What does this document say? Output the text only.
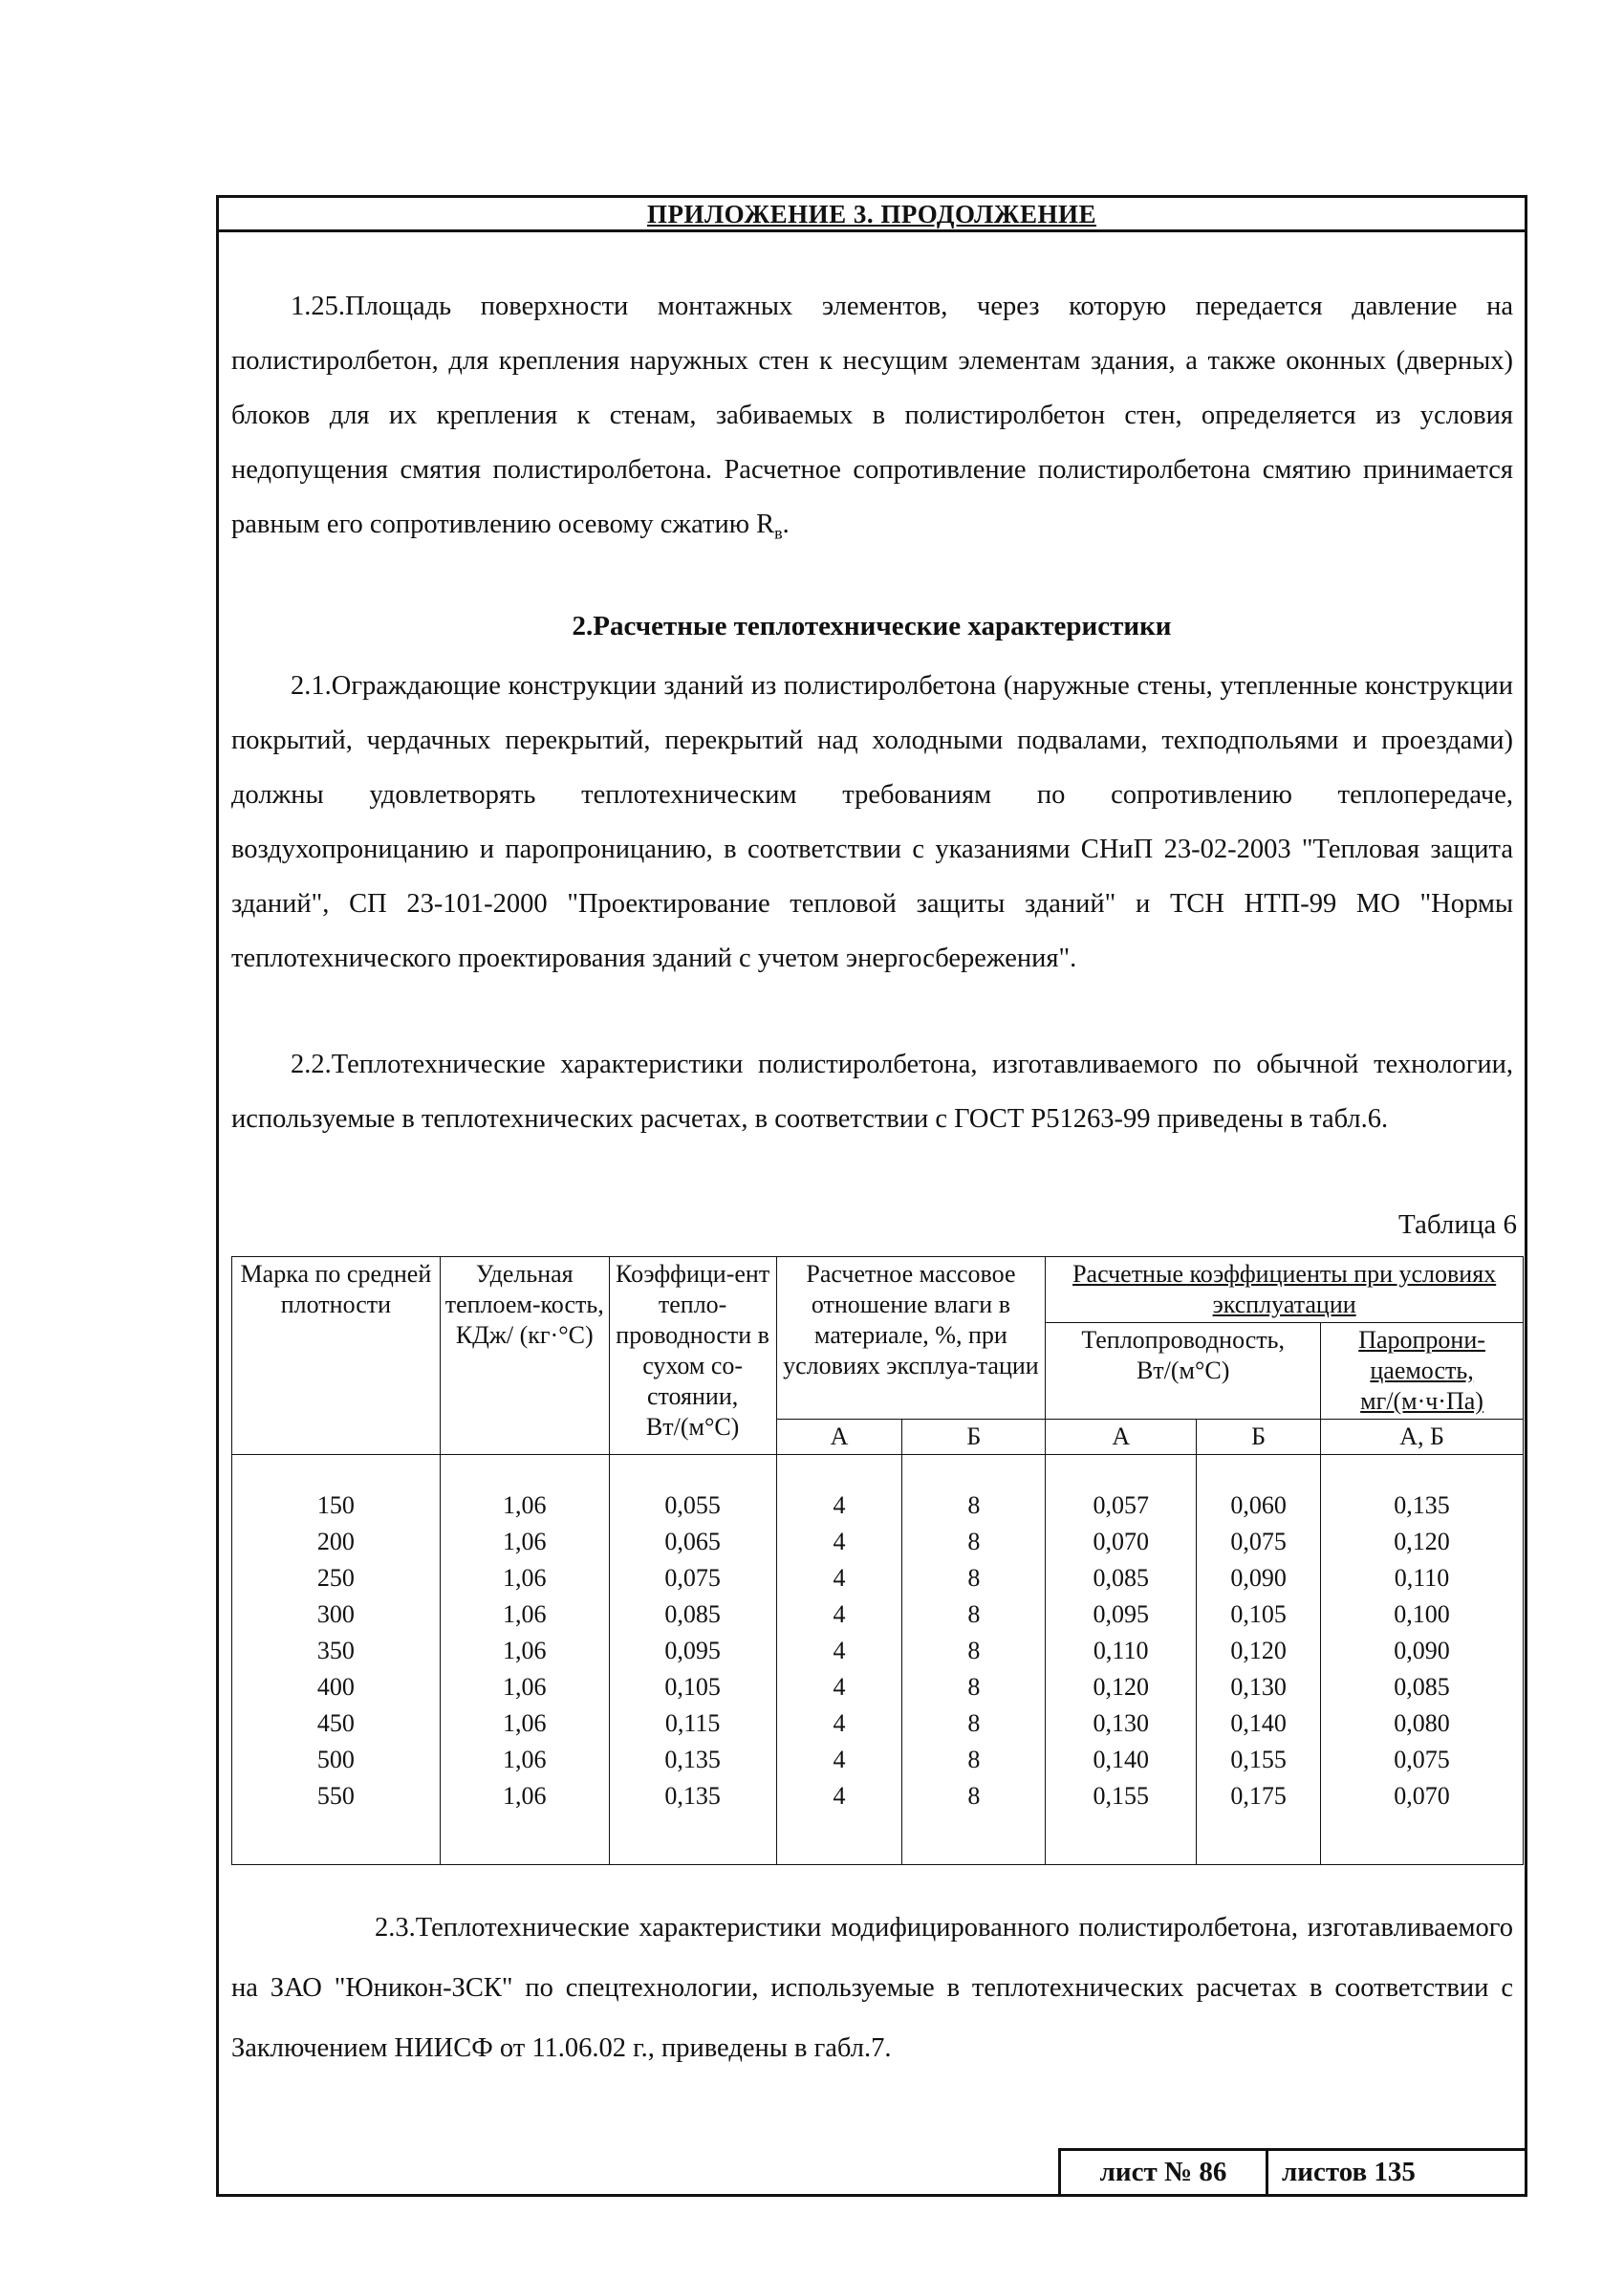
ПРИЛОЖЕНИЕ 3. ПРОДОЛЖЕНИЕ
1.25.Площадь поверхности монтажных элементов, через которую передается давление на полистиролбетон, для крепления наружных стен к несущим элементам здания, а также оконных (дверных) блоков для их крепления к стенам, забиваемых в полистиролбетон стен, определяется из условия недопущения смятия полистиролбетона. Расчетное сопротивление полистиролбетона смятию принимается равным его сопротивлению осевому сжатию $R_в$.
2.Расчетные теплотехнические характеристики
2.1.Ограждающие конструкции зданий из полистиролбетона (наружные стены, утепленные конструкции покрытий, чердачных перекрытий, перекрытий над холодными подвалами, техподпольями и проездами) должны удовлетворять теплотехническим требованиям по сопротивлению теплопередаче, воздухопроницанию и паропроницанию, в соответствии с указаниями СНиП 23-02-2003 "Тепловая защита зданий", СП 23-101-2000 "Проектирование тепловой защиты зданий" и ТСН НТП-99 МО "Нормы теплотехнического проектирования зданий с учетом энергосбережения".
2.2.Теплотехнические характеристики полистиролбетона, изготавливаемого по обычной технологии, используемые в теплотехнических расчетах, в соответствии с ГОСТ Р51263-99 приведены в табл.6.
Таблица 6
Марка по средней плотности	Удельная теплоем-кость, КДж/ (кг·°С)	Коэффици-ент тепло-проводности в сухом со-стоянии, Вт/(м°С)	Расчетное массовое отношение влаги в материале, %, при условиях эксплуа-тации		Расчетные коэффициенты при условиях эксплуатации		
					Теплопроводность, Вт/(м°С)		Паропрони-цаемость, мг/(м·ч·Па)
			А	Б	А	Б	А, Б

150	1,06	0,055	4	8	0,057	0,060	0,135
200	1,06	0,065	4	8	0,070	0,075	0,120
250	1,06	0,075	4	8	0,085	0,090	0,110
300	1,06	0,085	4	8	0,095	0,105	0,100
350	1,06	0,095	4	8	0,110	0,120	0,090
400	1,06	0,105	4	8	0,120	0,130	0,085
450	1,06	0,115	4	8	0,130	0,140	0,080
500	1,06	0,135	4	8	0,140	0,155	0,075
550	1,06	0,135	4	8	0,155	0,175	0,070

2.3.Теплотехнические характеристики модифицированного полистиролбетона, изготавливаемого на ЗАО "Юникон-ЗСК" по спецтехнологии, используемые в теплотехнических расчетах в соответствии с Заключением НИИСФ от 11.06.02 г., приведены в габл.7.
лист № 86	листов 135
